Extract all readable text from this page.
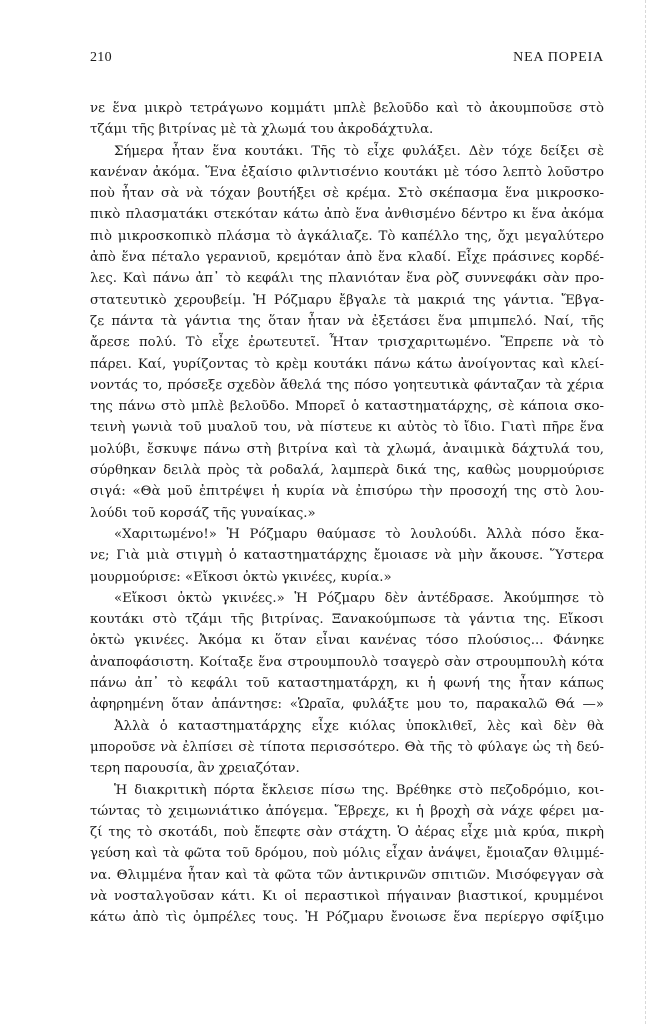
210	ΝΕΑ ΠΟΡΕΙΑ
νε ἕνα μικρὸ τετράγωνο κομμάτι μπλὲ βελοῦδο καὶ τὸ ἀκουμποῦσε στὸ
τζάμι τῆς βιτρίνας μὲ τὰ χλωμά του ἀκροδάχτυλα.
Σήμερα ἦταν ἕνα κουτάκι. Τῆς τὸ εἶχε φυλάξει. Δὲν τόχε δείξει σὲ
κανέναν ἀκόμα. Ἕνα ἐξαίσιο φιλντισένιο κουτάκι μὲ τόσο λεπτὸ λοῦστρο
ποὺ ἦταν σὰ νὰ τόχαν βουτήξει σὲ κρέμα. Στὸ σκέπασμα ἕνα μικροσκο-
πικὸ πλασματάκι στεκόταν κάτω ἀπὸ ἕνα ἀνθισμένο δέντρο κι ἕνα ἀκόμα
πιὸ μικροσκοπικὸ πλάσμα τὸ ἀγκάλιαζε. Τὸ καπέλλο της, ὄχι μεγαλύτερο
ἀπὸ ἕνα πέταλο γερανιοῦ, κρεμόταν ἀπὸ ἕνα κλαδί. Εἶχε πράσινες κορδέ-
λες. Καὶ πάνω ἀπ᾽ τὸ κεφάλι της πλανιόταν ἕνα ρὸζ συννεφάκι σὰν προ-
στατευτικὸ χερουβείμ. Ἡ Ρόζμαρυ ἔβγαλε τὰ μακριά της γάντια. Ἔβγα-
ζε πάντα τὰ γάντια της ὅταν ἦταν νὰ ἐξετάσει ἕνα μπιμπελό. Ναί, τῆς
ἄρεσε πολύ. Τὸ εἶχε ἐρωτευτεῖ. Ἦταν τρισχαριτωμένο. Ἔπρεπε νὰ τὸ
πάρει. Καί, γυρίζοντας τὸ κρὲμ κουτάκι πάνω κάτω ἀνοίγοντας καὶ κλεί-
νοντάς το, πρόσεξε σχεδὸν ἄθελά της πόσο γοητευτικὰ φάνταζαν τὰ χέρια
της πάνω στὸ μπλὲ βελοῦδο. Μπορεῖ ὁ καταστηματάρχης, σὲ κάποια σκο-
τεινὴ γωνιὰ τοῦ μυαλοῦ του, νὰ πίστευε κι αὐτὸς τὸ ἴδιο. Γιατὶ πῆρε ἕνα
μολύβι, ἔσκυψε πάνω στὴ βιτρίνα καὶ τὰ χλωμά, ἀναιμικὰ δάχτυλά του,
σύρθηκαν δειλὰ πρὸς τὰ ροδαλά, λαμπερὰ δικά της, καθὼς μουρμούρισε
σιγά: «Θὰ μοῦ ἐπιτρέψει ἡ κυρία νὰ ἐπισύρω τὴν προσοχή της στὸ λου-
λούδι τοῦ κορσάζ τῆς γυναίκας.»
«Χαριτωμένο!» Ἡ Ρόζμαρυ θαύμασε τὸ λουλούδι. Ἀλλὰ πόσο ἔκα-
νε; Γιὰ μιὰ στιγμὴ ὁ καταστηματάρχης ἔμοιασε νὰ μὴν ἄκουσε. Ὕστερα
μουρμούρισε: «Εἴκοσι ὀκτὼ γκινέες, κυρία.»
«Εἴκοσι ὀκτὼ γκινέες.» Ἡ Ρόζμαρυ δὲν ἀντέδρασε. Ἀκούμπησε τὸ
κουτάκι στὸ τζάμι τῆς βιτρίνας. Ξανακούμπωσε τὰ γάντια της. Εἴκοσι
ὀκτὼ γκινέες. Ἀκόμα κι ὅταν εἶναι κανένας τόσο πλούσιος... Φάνηκε
ἀναποφάσιστη. Κοίταξε ἕνα στρουμπουλὸ τσαγερὸ σὰν στρουμπουλὴ κότα
πάνω ἀπ᾽ τὸ κεφάλι τοῦ καταστηματάρχη, κι ἡ φωνή της ἦταν κάπως
ἀφηρημένη ὅταν ἀπάντησε: «Ὡραῖα, φυλάξτε μου το, παρακαλῶ Θά —»
Ἀλλὰ ὁ καταστηματάρχης εἶχε κιόλας ὑποκλιθεῖ, λὲς καὶ δὲν θὰ
μποροῦσε νὰ ἐλπίσει σὲ τίποτα περισσότερο. Θὰ τῆς τὸ φύλαγε ὡς τὴ δεύ-
τερη παρουσία, ἂν χρειαζόταν.
Ἡ διακριτικὴ πόρτα ἔκλεισε πίσω της. Βρέθηκε στὸ πεζοδρόμιο, κοι-
τώντας τὸ χειμωνιάτικο ἀπόγεμα. Ἔβρεχε, κι ἡ βροχὴ σὰ νάχε φέρει μα-
ζί της τὸ σκοτάδι, ποὺ ἔπεφτε σὰν στάχτη. Ὁ ἀέρας εἶχε μιὰ κρύα, πικρὴ
γεύση καὶ τὰ φῶτα τοῦ δρόμου, ποὺ μόλις εἶχαν ἀνάψει, ἔμοιαζαν θλιμμέ-
να. Θλιμμένα ἦταν καὶ τὰ φῶτα τῶν ἀντικρινῶν σπιτιῶν. Μισόφεγγαν σὰ
νὰ νοσταλγοῦσαν κάτι. Κι οἱ περαστικοὶ πήγαιναν βιαστικοί, κρυμμένοι
κάτω ἀπὸ τὶς ὀμπρέλες τους. Ἡ Ρόζμαρυ ἔνοιωσε ἕνα περίεργο σφίξιμο
